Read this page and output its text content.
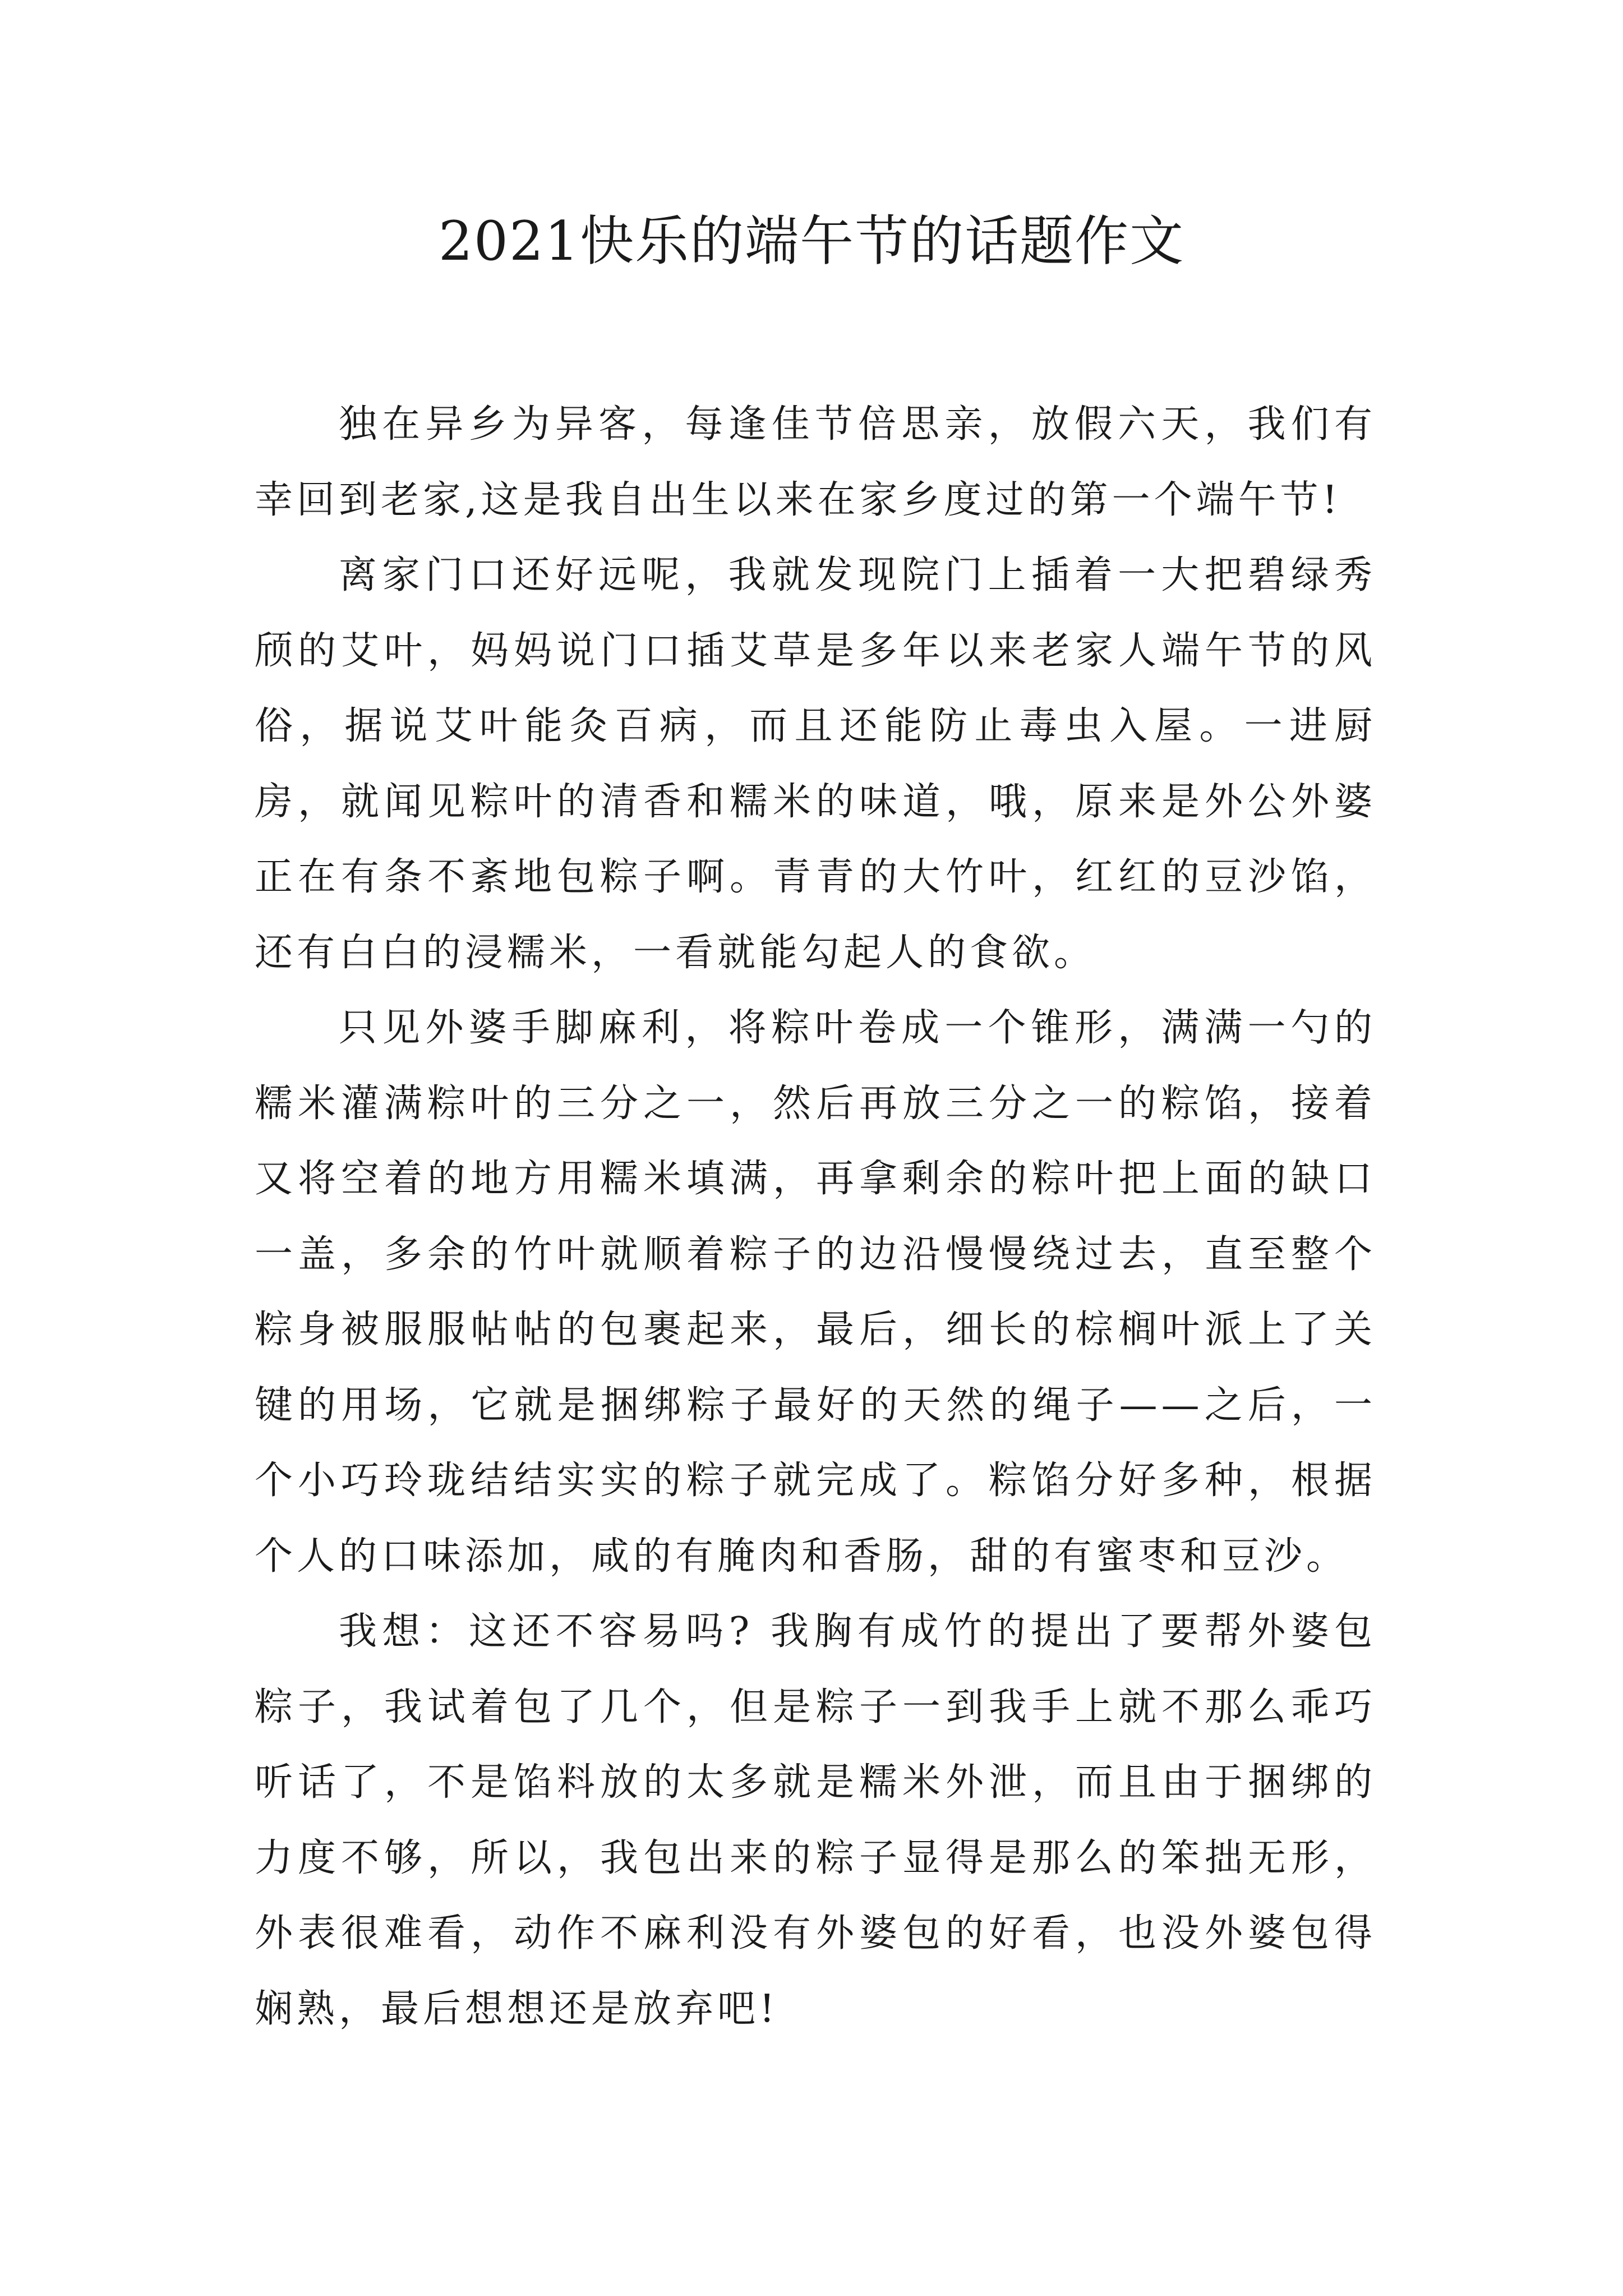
2021快乐的端午节的话题作文

独在异乡为异客，每逢佳节倍思亲，放假六天，我们有幸回到老家,这是我自出生以来在家乡度过的第一个端午节!

离家门口还好远呢，我就发现院门上插着一大把碧绿秀颀的艾叶，妈妈说门口插艾草是多年以来老家人端午节的风俗，据说艾叶能灸百病，而且还能防止毒虫入屋。一进厨房，就闻见粽叶的清香和糯米的味道，哦，原来是外公外婆正在有条不紊地包粽子啊。青青的大竹叶，红红的豆沙馅，还有白白的浸糯米，一看就能勾起人的食欲。

只见外婆手脚麻利，将粽叶卷成一个锥形，满满一勺的糯米灌满粽叶的三分之一，然后再放三分之一的粽馅，接着又将空着的地方用糯米填满，再拿剩余的粽叶把上面的缺口一盖，多余的竹叶就顺着粽子的边沿慢慢绕过去，直至整个粽身被服服帖帖的包裹起来，最后，细长的棕榈叶派上了关键的用场，它就是捆绑粽子最好的天然的绳子——之后，一个小巧玲珑结结实实的粽子就完成了。粽馅分好多种，根据个人的口味添加，咸的有腌肉和香肠，甜的有蜜枣和豆沙。

我想：这还不容易吗? 我胸有成竹的提出了要帮外婆包粽子，我试着包了几个，但是粽子一到我手上就不那么乖巧听话了，不是馅料放的太多就是糯米外泄，而且由于捆绑的力度不够，所以，我包出来的粽子显得是那么的笨拙无形，外表很难看，动作不麻利没有外婆包的好看，也没外婆包得娴熟，最后想想还是放弃吧!
